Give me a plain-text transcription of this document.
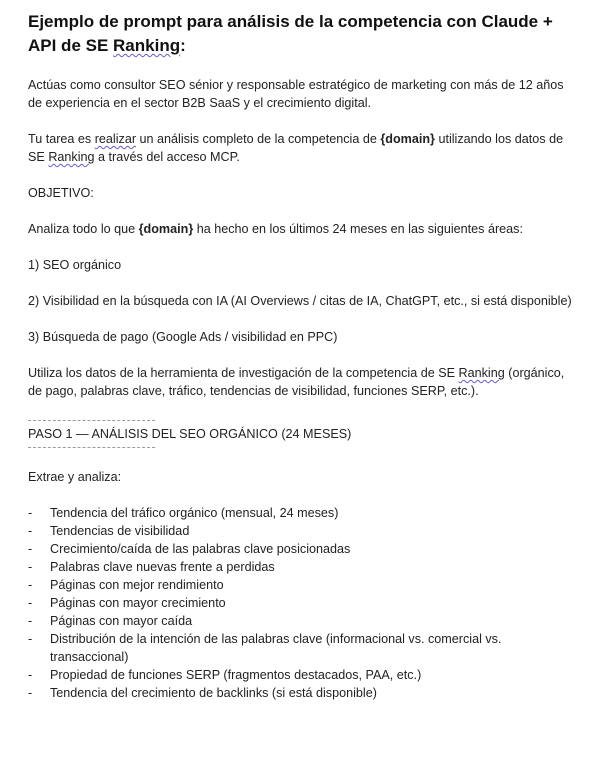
Ejemplo de prompt para análisis de la competencia con Claude + API de SE Ranking:

Actúas como consultor SEO sénior y responsable estratégico de marketing con más de 12 años de experiencia en el sector B2B SaaS y el crecimiento digital.

Tu tarea es realizar un análisis completo de la competencia de {domain} utilizando los datos de SE Ranking a través del acceso MCP.

OBJETIVO:

Analiza todo lo que {domain} ha hecho en los últimos 24 meses en las siguientes áreas:

1) SEO orgánico

2) Visibilidad en la búsqueda con IA (AI Overviews / citas de IA, ChatGPT, etc., si está disponible)

3) Búsqueda de pago (Google Ads / visibilidad en PPC)

Utiliza los datos de la herramienta de investigación de la competencia de SE Ranking (orgánico, de pago, palabras clave, tráfico, tendencias de visibilidad, funciones SERP, etc.).

PASO 1 — ANÁLISIS DEL SEO ORGÁNICO (24 MESES)

Extrae y analiza:

- Tendencia del tráfico orgánico (mensual, 24 meses)
- Tendencias de visibilidad
- Crecimiento/caída de las palabras clave posicionadas
- Palabras clave nuevas frente a perdidas
- Páginas con mejor rendimiento
- Páginas con mayor crecimiento
- Páginas con mayor caída
- Distribución de la intención de las palabras clave (informacional vs. comercial vs. transaccional)
- Propiedad de funciones SERP (fragmentos destacados, PAA, etc.)
- Tendencia del crecimiento de backlinks (si está disponible)
